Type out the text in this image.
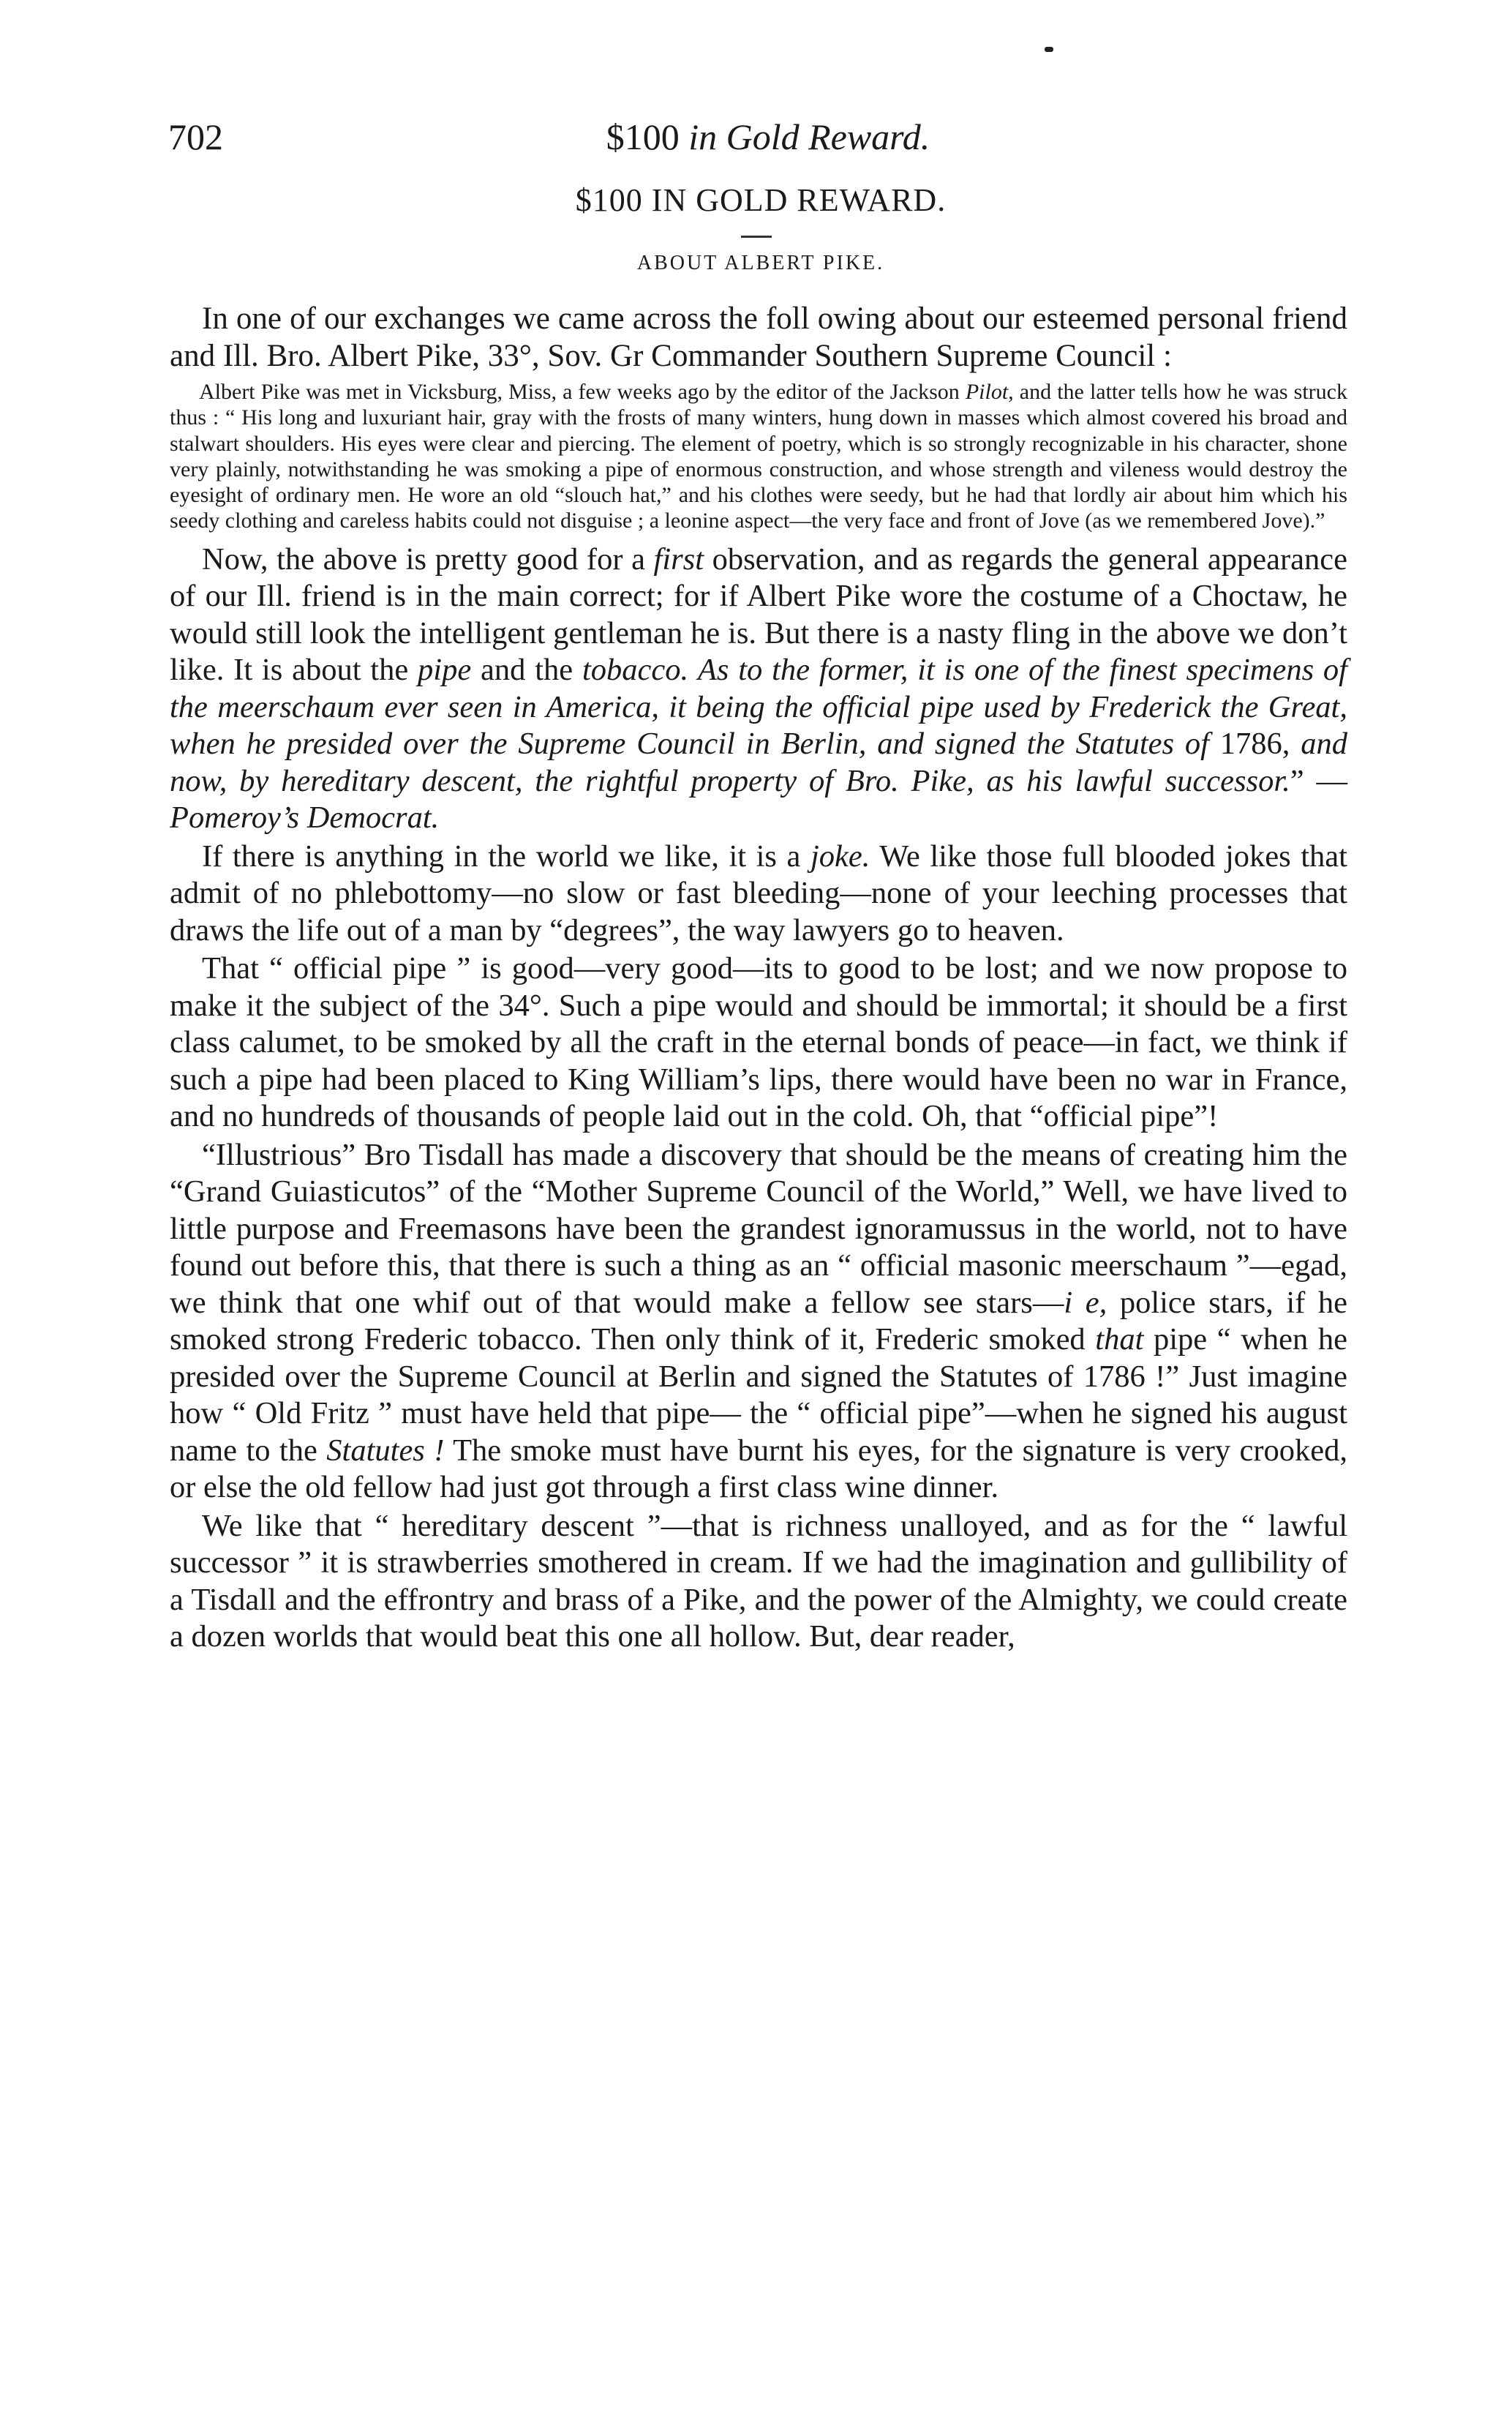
702	$100 in Gold Reward.
$100 IN GOLD REWARD.
ABOUT ALBERT PIKE.

In one of our exchanges we came across the foll owing about our esteemed personal friend and Ill. Bro. Albert Pike, 33°, Sov. Gr Commander Southern Supreme Council :

Albert Pike was met in Vicksburg, Miss, a few weeks ago by the editor of the Jackson Pilot, and the latter tells how he was struck thus : “ His long and luxuriant hair, gray with the frosts of many winters, hung down in masses which almost covered his broad and stalwart shoulders. His eyes were clear and piercing. The element of poetry, which is so strongly recognizable in his character, shone very plainly, notwithstanding he was smoking a pipe of enormous construction, and whose strength and vileness would destroy the eyesight of ordinary men. He wore an old “slouch hat,” and his clothes were seedy, but he had that lordly air about him which his seedy clothing and careless habits could not disguise ; a leonine aspect—the very face and front of Jove (as we remembered Jove).”

Now, the above is pretty good for a first observation, and as regards the general appearance of our Ill. friend is in the main correct; for if Albert Pike wore the costume of a Choctaw, he would still look the intelligent gentleman he is. But there is a nasty fling in the above we don’t like. It is about the pipe and the tobacco. As to the former, it is one of the finest specimens of the meerschaum ever seen in America, it being the official pipe used by Frederick the Great, when he presided over the Supreme Council in Berlin, and signed the Statutes of 1786, and now, by hereditary descent, the rightful property of Bro. Pike, as his lawful successor.” —Pomeroy’s Democrat.

If there is anything in the world we like, it is a joke. We like those full blooded jokes that admit of no phlebottomy—no slow or fast bleeding—none of your leeching processes that draws the life out of a man by “degrees”, the way lawyers go to heaven.

That “ official pipe ” is good—very good—its to good to be lost; and we now propose to make it the subject of the 34°. Such a pipe would and should be immortal; it should be a first class calumet, to be smoked by all the craft in the eternal bonds of peace—in fact, we think if such a pipe had been placed to King William’s lips, there would have been no war in France, and no hundreds of thousands of people laid out in the cold. Oh, that “official pipe”!

“Illustrious” Bro Tisdall has made a discovery that should be the means of creating him the “Grand Guiasticutos” of the “Mother Supreme Council of the World,” Well, we have lived to little purpose and Freemasons have been the grandest ignoramussus in the world, not to have found out before this, that there is such a thing as an “ official masonic meerschaum ”—egad, we think that one whif out of that would make a fellow see stars—i e, police stars, if he smoked strong Frederic tobacco. Then only think of it, Frederic smoked that pipe “ when he presided over the Supreme Council at Berlin and signed the Statutes of 1786 !” Just imagine how “ Old Fritz ” must have held that pipe— the “ official pipe”—when he signed his august name to the Statutes ! The smoke must have burnt his eyes, for the signature is very crooked, or else the old fellow had just got through a first class wine dinner.

We like that “ hereditary descent ”—that is richness unalloyed, and as for the “ lawful successor ” it is strawberries smothered in cream. If we had the imagination and gullibility of a Tisdall and the effrontry and brass of a Pike, and the power of the Almighty, we could create a dozen worlds that would beat this one all hollow. But, dear reader,
